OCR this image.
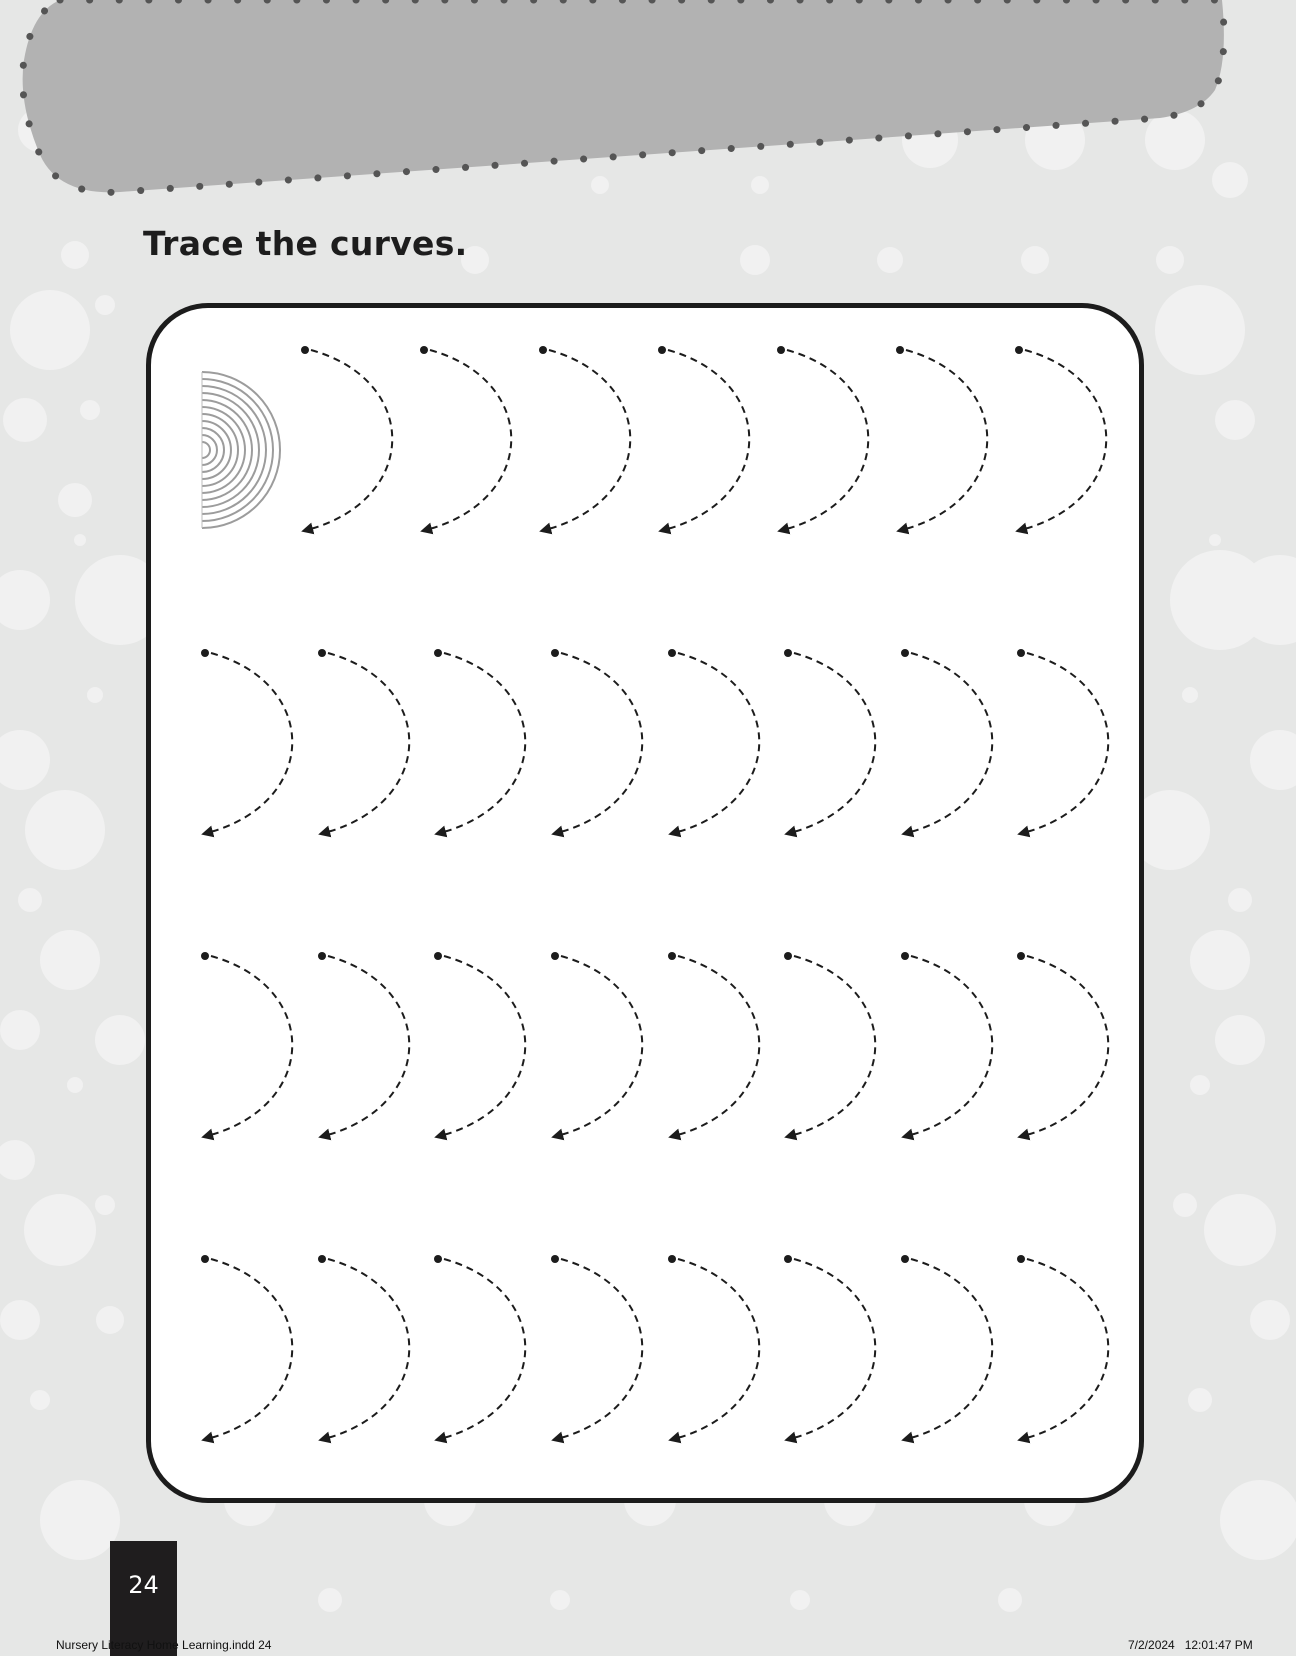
Trace the curves.
24
Nursery Literacy Home Learning.indd 24	7/2/2024   12:01:47 PM
